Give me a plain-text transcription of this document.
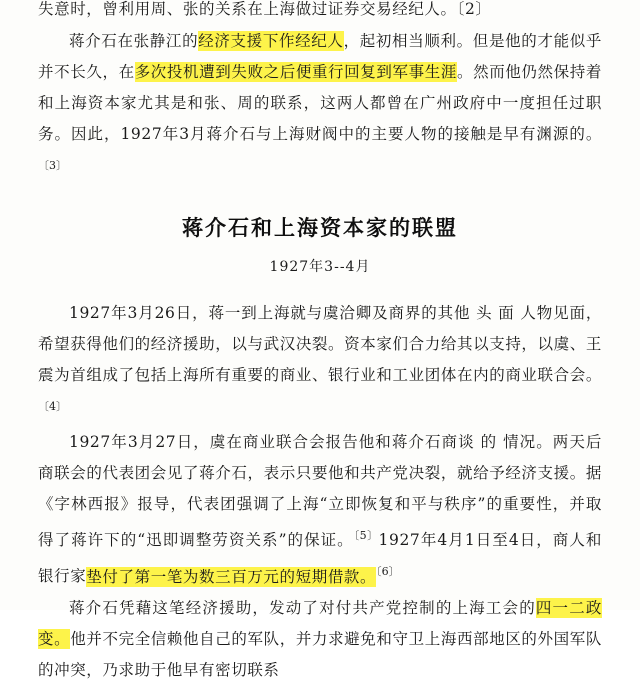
失意时，曾利用周、张的关系在上海做过证券交易经纪人。〔2〕

蒋介石在张静江的经济支援下作经纪人，起初相当顺利。但是他的才能似乎并不长久，在多次投机遭到失败之后便重行回复到军事生涯。然而他仍然保持着和上海资本家尤其是和张、周的联系，这两人都曾在广州政府中一度担任过职务。因此，1927年3月蒋介石与上海财阀中的主要人物的接触是早有渊源的。$^{〔3〕}$

蒋介石和上海资本家的联盟
1927年3--4月

1927年3月26日，蒋一到上海就与虞洽卿及商界的其他 头 面 人物见面，希望获得他们的经济援助，以与武汉决裂。资本家们合力给其以支持，以虞、王震为首组成了包括上海所有重要的商业、银行业和工业团体在内的商业联合会。$^{〔4〕}$

1927年3月27日，虞在商业联合会报告他和蒋介石商谈 的 情况。两天后商联会的代表团会见了蒋介石，表示只要他和共产党决裂，就给予经济支援。据《字林西报》报导，代表团强调了上海“立即恢复和平与秩序”的重要性，并取得了蒋许下的“迅即调整劳资关系”的保证。$^{〔5〕}$1927年4月1日至4日，商人和银行家垫付了第一笔为数三百万元的短期借款。$^{〔6〕}$

蒋介石凭藉这笔经济援助，发动了对付共产党控制的上海工会的四一二政变。他并不完全信赖他自己的军队，并力求避免和守卫上海西部地区的外国军队的冲突，乃求助于他早有密切联系
